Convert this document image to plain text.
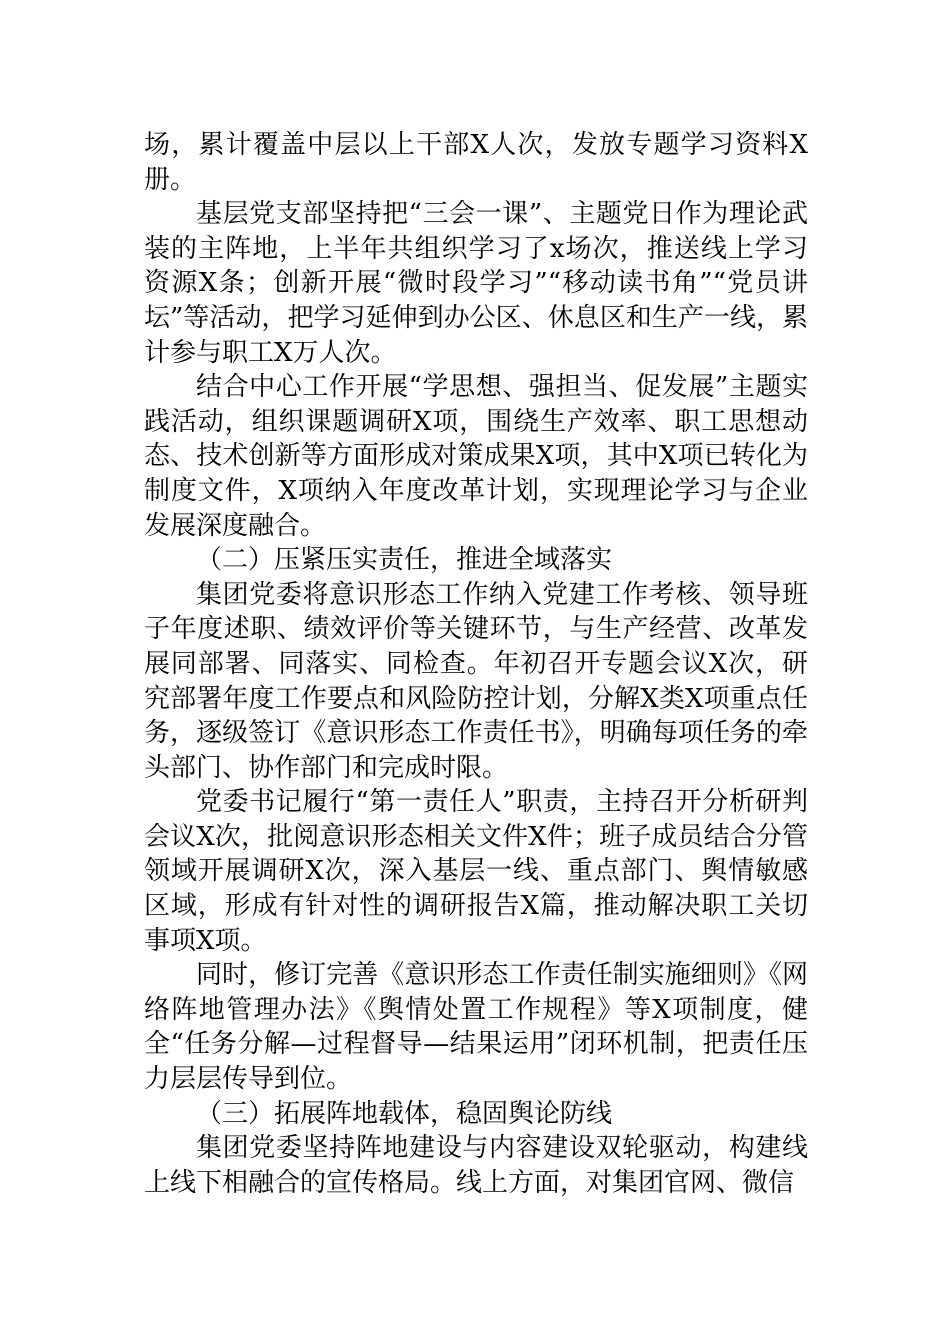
场，累计覆盖中层以上干部X人次，发放专题学习资料X册。

基层党支部坚持把“三会一课”、主题党日作为理论武装的主阵地，上半年共组织学习了x场次，推送线上学习资源X条；创新开展“微时段学习”“移动读书角”“党员讲坛”等活动，把学习延伸到办公区、休息区和生产一线，累计参与职工X万人次。

结合中心工作开展“学思想、强担当、促发展”主题实践活动，组织课题调研X项，围绕生产效率、职工思想动态、技术创新等方面形成对策成果X项，其中X项已转化为制度文件，X项纳入年度改革计划，实现理论学习与企业发展深度融合。

（二）压紧压实责任，推进全域落实

集团党委将意识形态工作纳入党建工作考核、领导班子年度述职、绩效评价等关键环节，与生产经营、改革发展同部署、同落实、同检查。年初召开专题会议X次，研究部署年度工作要点和风险防控计划，分解X类X项重点任务，逐级签订《意识形态工作责任书》，明确每项任务的牵头部门、协作部门和完成时限。

党委书记履行“第一责任人”职责，主持召开分析研判会议X次，批阅意识形态相关文件X件；班子成员结合分管领域开展调研X次，深入基层一线、重点部门、舆情敏感区域，形成有针对性的调研报告X篇，推动解决职工关切事项X项。

同时，修订完善《意识形态工作责任制实施细则》《网络阵地管理办法》《舆情处置工作规程》等X项制度，健全“任务分解—过程督导—结果运用”闭环机制，把责任压力层层传导到位。

（三）拓展阵地载体，稳固舆论防线

集团党委坚持阵地建设与内容建设双轮驱动，构建线上线下相融合的宣传格局。线上方面，对集团官网、微信
